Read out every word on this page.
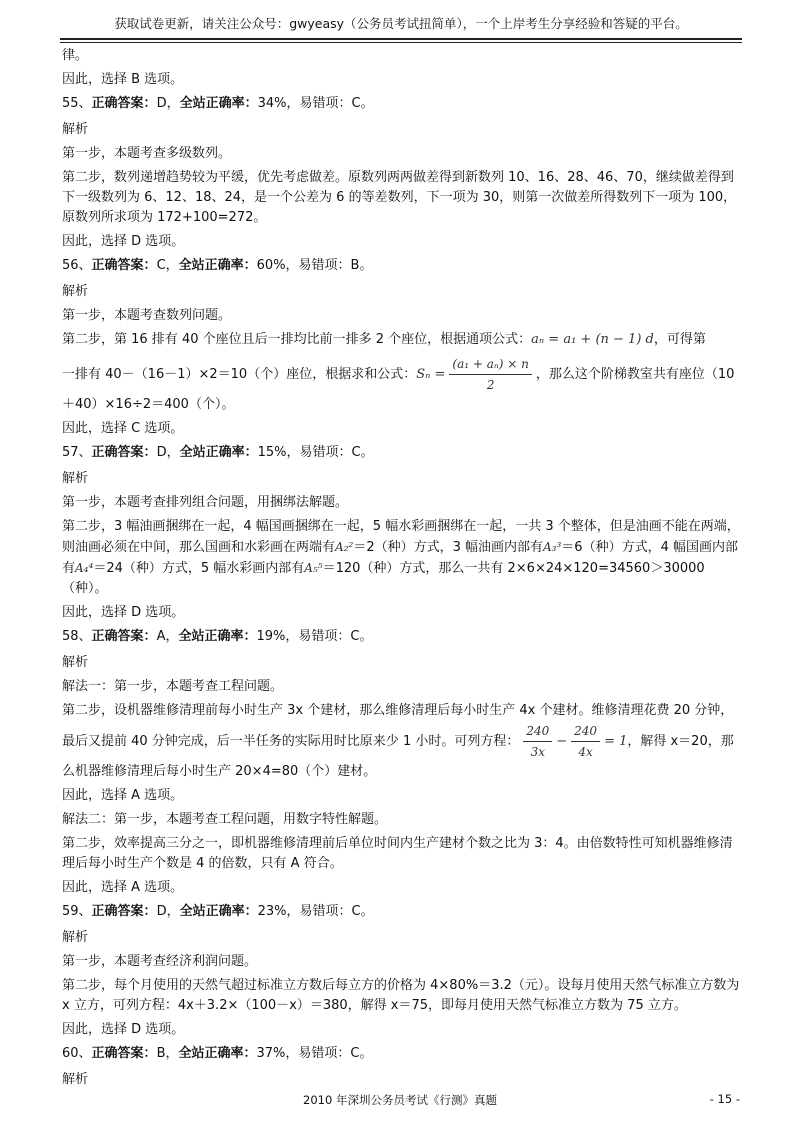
获取试卷更新，请关注公众号：gwyeasy（公务员考试扭简单），一个上岸考生分享经验和答疑的平台。
律。
因此，选择 B 选项。
55、正确答案：D，全站正确率：34%，易错项：C。
解析
第一步，本题考查多级数列。
第二步，数列递增趋势较为平缓，优先考虑做差。原数列两两做差得到新数列 10、16、28、46、70，继续做差得到下一级数列为 6、12、18、24，是一个公差为 6 的等差数列，下一项为 30，则第一次做差所得数列下一项为 100，原数列所求项为 172+100=272。
因此，选择 D 选项。
56、正确答案：C，全站正确率：60%，易错项：B。
解析
第一步，本题考查数列问题。
第二步，第 16 排有 40 个座位且后一排均比前一排多 2 个座位，根据通项公式：aₙ = a₁ + (n − 1) d，可得第
一排有 40－（16－1）×2＝10（个）座位，根据求和公式：$S_n = \frac{\text{(a₁ + aₙ) × n}}{2}$ ，那么这个阶梯教室共有座位（10＋40）×16÷2＝400（个）。
因此，选择 C 选项。
57、正确答案：D，全站正确率：15%，易错项：C。
解析
第一步，本题考查排列组合问题，用捆绑法解题。
第二步，3 幅油画捆绑在一起，4 幅国画捆绑在一起，5 幅水彩画捆绑在一起，一共 3 个整体，但是油画不能在两端，则油画必须在中间，那么国画和水彩画在两端有A₂²＝2（种）方式，3 幅油画内部有A₃³＝6（种）方式，4 幅国画内部有A₄⁴＝24（种）方式，5 幅水彩画内部有A₅⁵＝120（种）方式，那么一共有 2×6×24×120=34560＞30000（种）。
因此，选择 D 选项。
58、正确答案：A，全站正确率：19%，易错项：C。
解析
解法一：第一步，本题考查工程问题。
第二步，设机器维修清理前每小时生产 3x 个建材，那么维修清理后每小时生产 4x 个建材。维修清理花费 20 分钟，最后又提前 40 分钟完成，后一半任务的实际用时比原来少 1 小时。可列方程： $\frac{240}{3x} - \frac{240}{4x} = 1$，解得 x＝20，那么机器维修清理后每小时生产 20×4=80（个）建材。
因此，选择 A 选项。
解法二：第一步，本题考查工程问题，用数字特性解题。
第二步，效率提高三分之一，即机器维修清理前后单位时间内生产建材个数之比为 3：4。由倍数特性可知机器维修清理后每小时生产个数是 4 的倍数，只有 A 符合。
因此，选择 A 选项。
59、正确答案：D，全站正确率：23%，易错项：C。
解析
第一步，本题考查经济利润问题。
第二步，每个月使用的天然气超过标准立方数后每立方的价格为 4×80%＝3.2（元）。设每月使用天然气标准立方数为 x 立方，可列方程：4x＋3.2×（100－x）＝380，解得 x＝75，即每月使用天然气标准立方数为 75 立方。
因此，选择 D 选项。
60、正确答案：B，全站正确率：37%，易错项：C。
解析
2010 年深圳公务员考试《行测》真题	- 15 -
